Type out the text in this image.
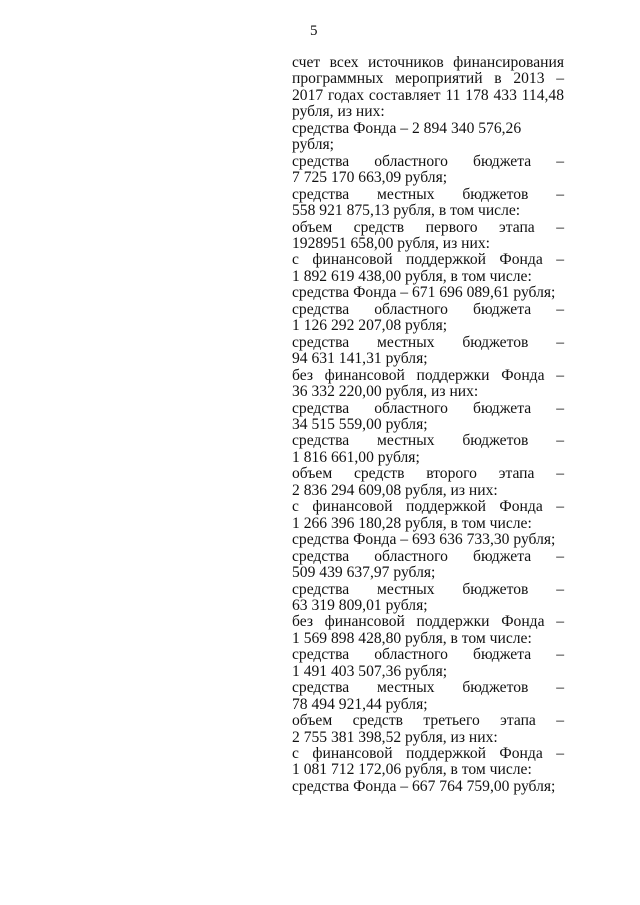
5
счет всех источников финансирования программных мероприятий в 2013 – 2017 годах составляет 11 178 433 114,48
рубля, из них:
средства Фонда – 2 894 340 576,26 рубля;
средства областного бюджета –
7 725 170 663,09 рубля;
средства местных бюджетов –
558 921 875,13 рубля, в том числе:
объем средств первого этапа –
1928951 658,00 рубля, из них:
с финансовой поддержкой Фонда –
1 892 619 438,00 рубля, в том числе:
средства Фонда – 671 696 089,61 рубля;
средства областного бюджета –
1 126 292 207,08 рубля;
средства местных бюджетов –
94 631 141,31 рубля;
без финансовой поддержки Фонда –
36 332 220,00 рубля, из них:
средства областного бюджета –
34 515 559,00 рубля;
средства местных бюджетов –
1 816 661,00 рубля;
объем средств второго этапа –
2 836 294 609,08 рубля, из них:
с финансовой поддержкой Фонда –
1 266 396 180,28 рубля, в том числе:
средства Фонда – 693 636 733,30 рубля;
средства областного бюджета –
509 439 637,97 рубля;
средства местных бюджетов –
63 319 809,01 рубля;
без финансовой поддержки Фонда –
1 569 898 428,80 рубля, в том числе:
средства областного бюджета –
1 491 403 507,36 рубля;
средства местных бюджетов –
78 494 921,44 рубля;
объем средств третьего этапа –
2 755 381 398,52 рубля, из них:
с финансовой поддержкой Фонда –
1 081 712 172,06 рубля, в том числе:
средства Фонда – 667 764 759,00 рубля;
